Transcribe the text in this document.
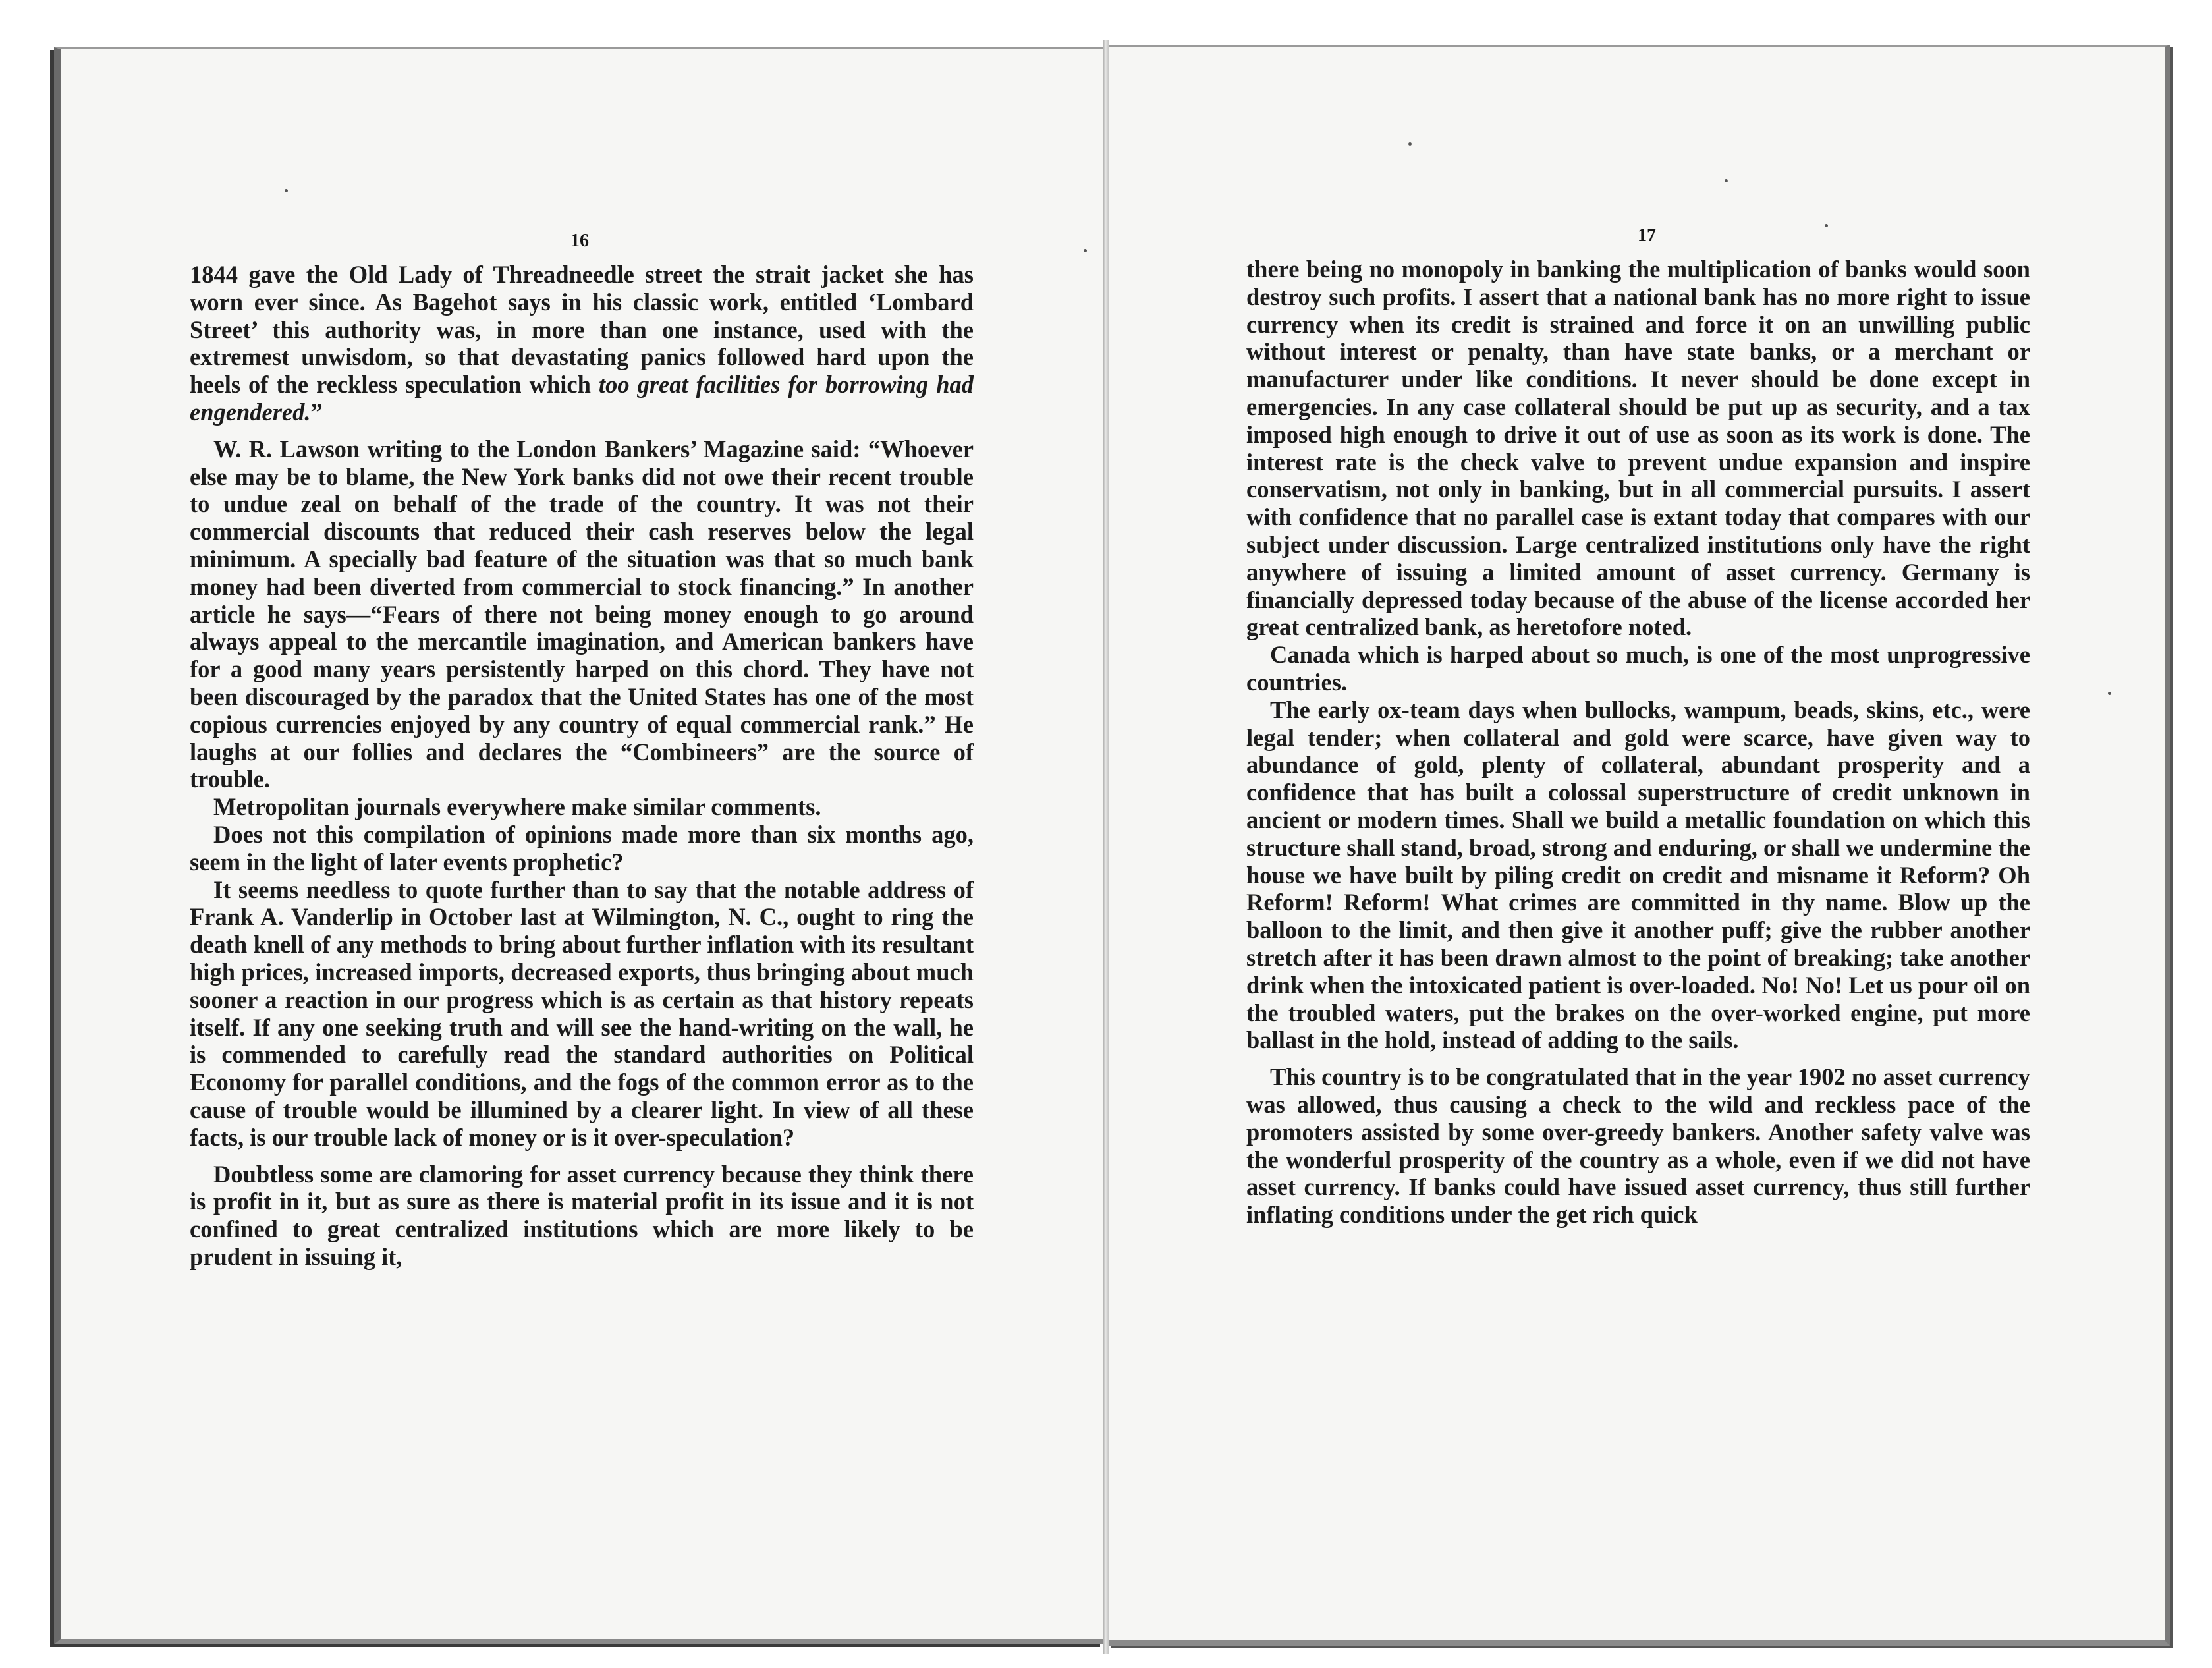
16	17

1844 gave the Old Lady of Threadneedle street the strait jacket she has worn ever since. As Bagehot says in his classic work, entitled ‘Lombard Street’ this authority was, in more than one instance, used with the extremest unwisdom, so that devastating panics followed hard upon the heels of the reckless speculation which too great facilities for borrowing had engendered.”

W. R. Lawson writing to the London Bankers’ Magazine said: “Whoever else may be to blame, the New York banks did not owe their recent trouble to undue zeal on behalf of the trade of the country. It was not their commercial discounts that reduced their cash reserves below the legal minimum. A specially bad feature of the situation was that so much bank money had been diverted from commercial to stock financing.” In another article he says—“Fears of there not being money enough to go around always appeal to the mercantile imagination, and American bankers have for a good many years persistently harped on this chord. They have not been discouraged by the paradox that the United States has one of the most copious currencies enjoyed by any country of equal commercial rank.” He laughs at our follies and declares the “Combineers” are the source of trouble.

Metropolitan journals everywhere make similar comments.

Does not this compilation of opinions made more than six months ago, seem in the light of later events prophetic?

It seems needless to quote further than to say that the notable address of Frank A. Vanderlip in October last at Wilmington, N. C., ought to ring the death knell of any methods to bring about further inflation with its resultant high prices, increased imports, decreased exports, thus bringing about much sooner a reaction in our progress which is as certain as that history repeats itself. If any one seeking truth and will see the hand-writing on the wall, he is commended to carefully read the standard authorities on Political Economy for parallel conditions, and the fogs of the common error as to the cause of trouble would be illumined by a clearer light. In view of all these facts, is our trouble lack of money or is it over-speculation?

Doubtless some are clamoring for asset currency because they think there is profit in it, but as sure as there is material profit in its issue and it is not confined to great centralized institutions which are more likely to be prudent in issuing it,

there being no monopoly in banking the multiplication of banks would soon destroy such profits. I assert that a national bank has no more right to issue currency when its credit is strained and force it on an unwilling public without interest or penalty, than have state banks, or a merchant or manufacturer under like conditions. It never should be done except in emergencies. In any case collateral should be put up as security, and a tax imposed high enough to drive it out of use as soon as its work is done. The interest rate is the check valve to prevent undue expansion and inspire conservatism, not only in banking, but in all commercial pursuits. I assert with confidence that no parallel case is extant today that compares with our subject under discussion. Large centralized institutions only have the right anywhere of issuing a limited amount of asset currency. Germany is financially depressed today because of the abuse of the license accorded her great centralized bank, as heretofore noted.

Canada which is harped about so much, is one of the most unprogressive countries.

The early ox-team days when bullocks, wampum, beads, skins, etc., were legal tender; when collateral and gold were scarce, have given way to abundance of gold, plenty of collateral, abundant prosperity and a confidence that has built a colossal superstructure of credit unknown in ancient or modern times. Shall we build a metallic foundation on which this structure shall stand, broad, strong and enduring, or shall we undermine the house we have built by piling credit on credit and misname it Reform? Oh Reform! Reform! What crimes are committed in thy name. Blow up the balloon to the limit, and then give it another puff; give the rubber another stretch after it has been drawn almost to the point of breaking; take another drink when the intoxicated patient is over-loaded. No! No! Let us pour oil on the troubled waters, put the brakes on the over-worked engine, put more ballast in the hold, instead of adding to the sails.

This country is to be congratulated that in the year 1902 no asset currency was allowed, thus causing a check to the wild and reckless pace of the promoters assisted by some over-greedy bankers. Another safety valve was the wonderful prosperity of the country as a whole, even if we did not have asset currency. If banks could have issued asset currency, thus still further inflating conditions under the get rich quick
